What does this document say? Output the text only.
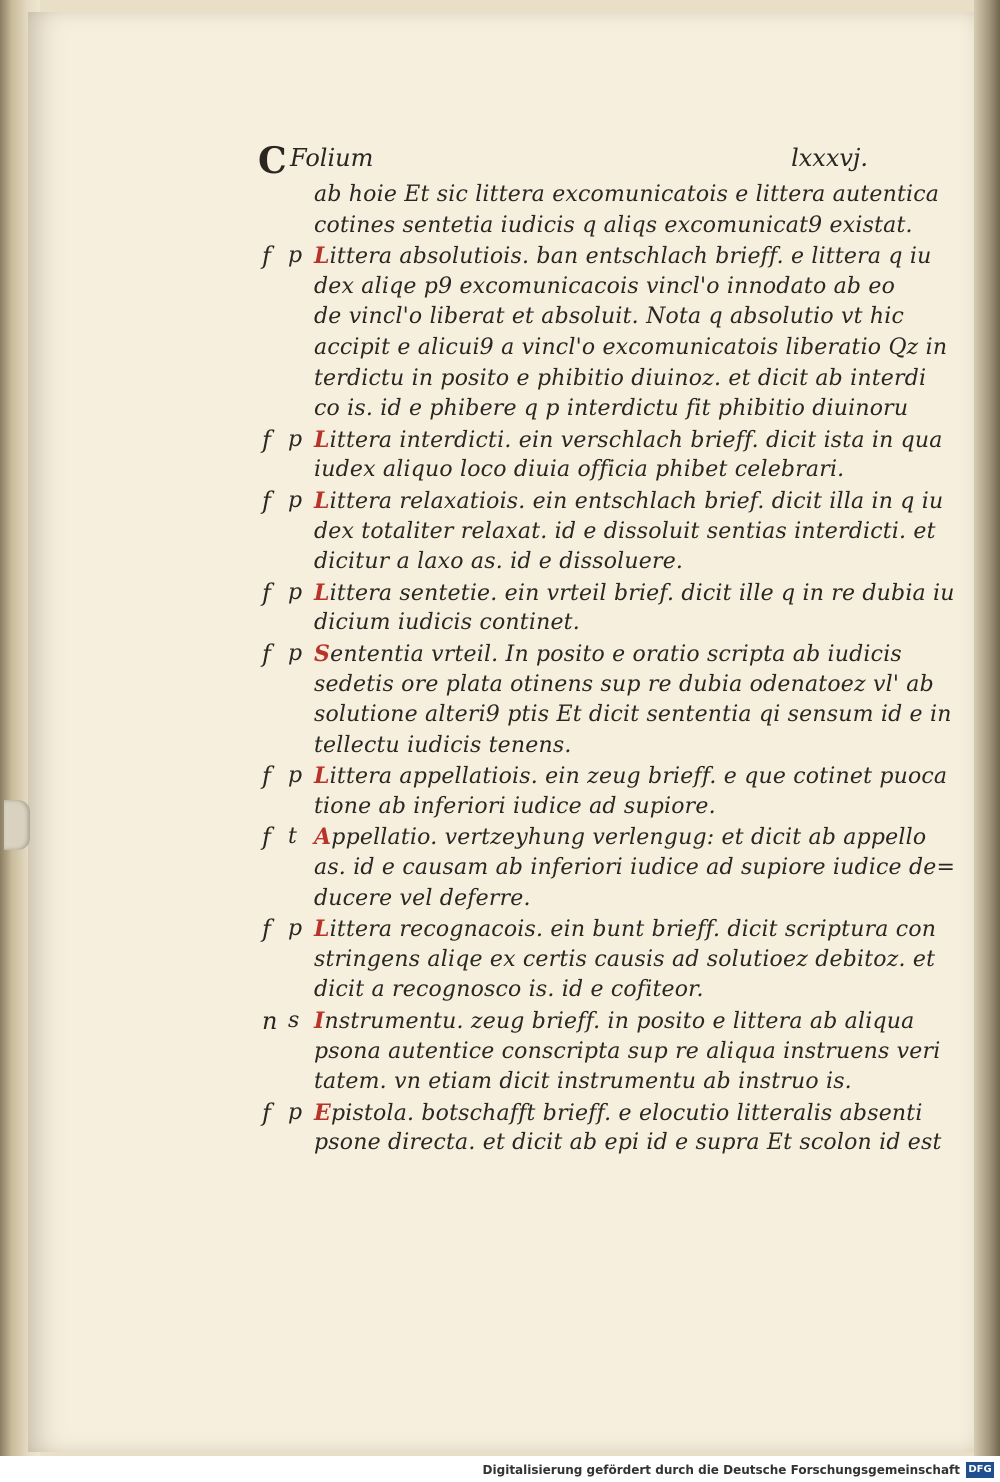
C Folium	lxxxvj.
ab hoie Et sic littera excomunicatois e littera autentica
cotines sentetia iudicis q aliqs excomunicat9 existat.
f p Littera absolutiois. ban entschlach brieff. e littera q iu
dex aliqe p9 excomunicacois vincl'o innodato ab eo
de vincl'o liberat et absoluit. Nota q absolutio vt hic
accipit e alicui9 a vincl'o excomunicatois liberatio Qz in
terdictu in posito e phibitio diuinoz. et dicit ab interdi
co is. id e phibere q p interdictu fit phibitio diuinoru
f p Littera interdicti. ein verschlach brieff. dicit ista in qua
iudex aliquo loco diuia officia phibet celebrari.
f p Littera relaxatiois. ein entschlach brief. dicit illa in q iu
dex totaliter relaxat. id e dissoluit sentias interdicti. et
dicitur a laxo as. id e dissoluere.
f p Littera sentetie. ein vrteil brief. dicit ille q in re dubia iu
dicium iudicis continet.
f p Sententia vrteil. In posito e oratio scripta ab iudicis
sedetis ore plata otinens sup re dubia odenatoez vl' ab
solutione alteri9 ptis Et dicit sententia qi sensum id e in
tellectu iudicis tenens.
f p Littera appellatiois. ein zeug brieff. e que cotinet puoca
tione ab inferiori iudice ad supiore.
f t Appellatio. vertzeyhung verlengug: et dicit ab appello
as. id e causam ab inferiori iudice ad supiore iudice de=
ducere vel deferre.
f p Littera recognacois. ein bunt brieff. dicit scriptura con
stringens aliqe ex certis causis ad solutioez debitoz. et
dicit a recognosco is. id e cofiteor.
n s Instrumentu. zeug brieff. in posito e littera ab aliqua
psona autentice conscripta sup re aliqua instruens veri
tatem. vn etiam dicit instrumentu ab instruo is.
f p Epistola. botschafft brieff. e elocutio litteralis absenti
psone directa. et dicit ab epi id e supra Et scolon id est
Digitalisierung gefördert durch die Deutsche Forschungsgemeinschaft DFG
